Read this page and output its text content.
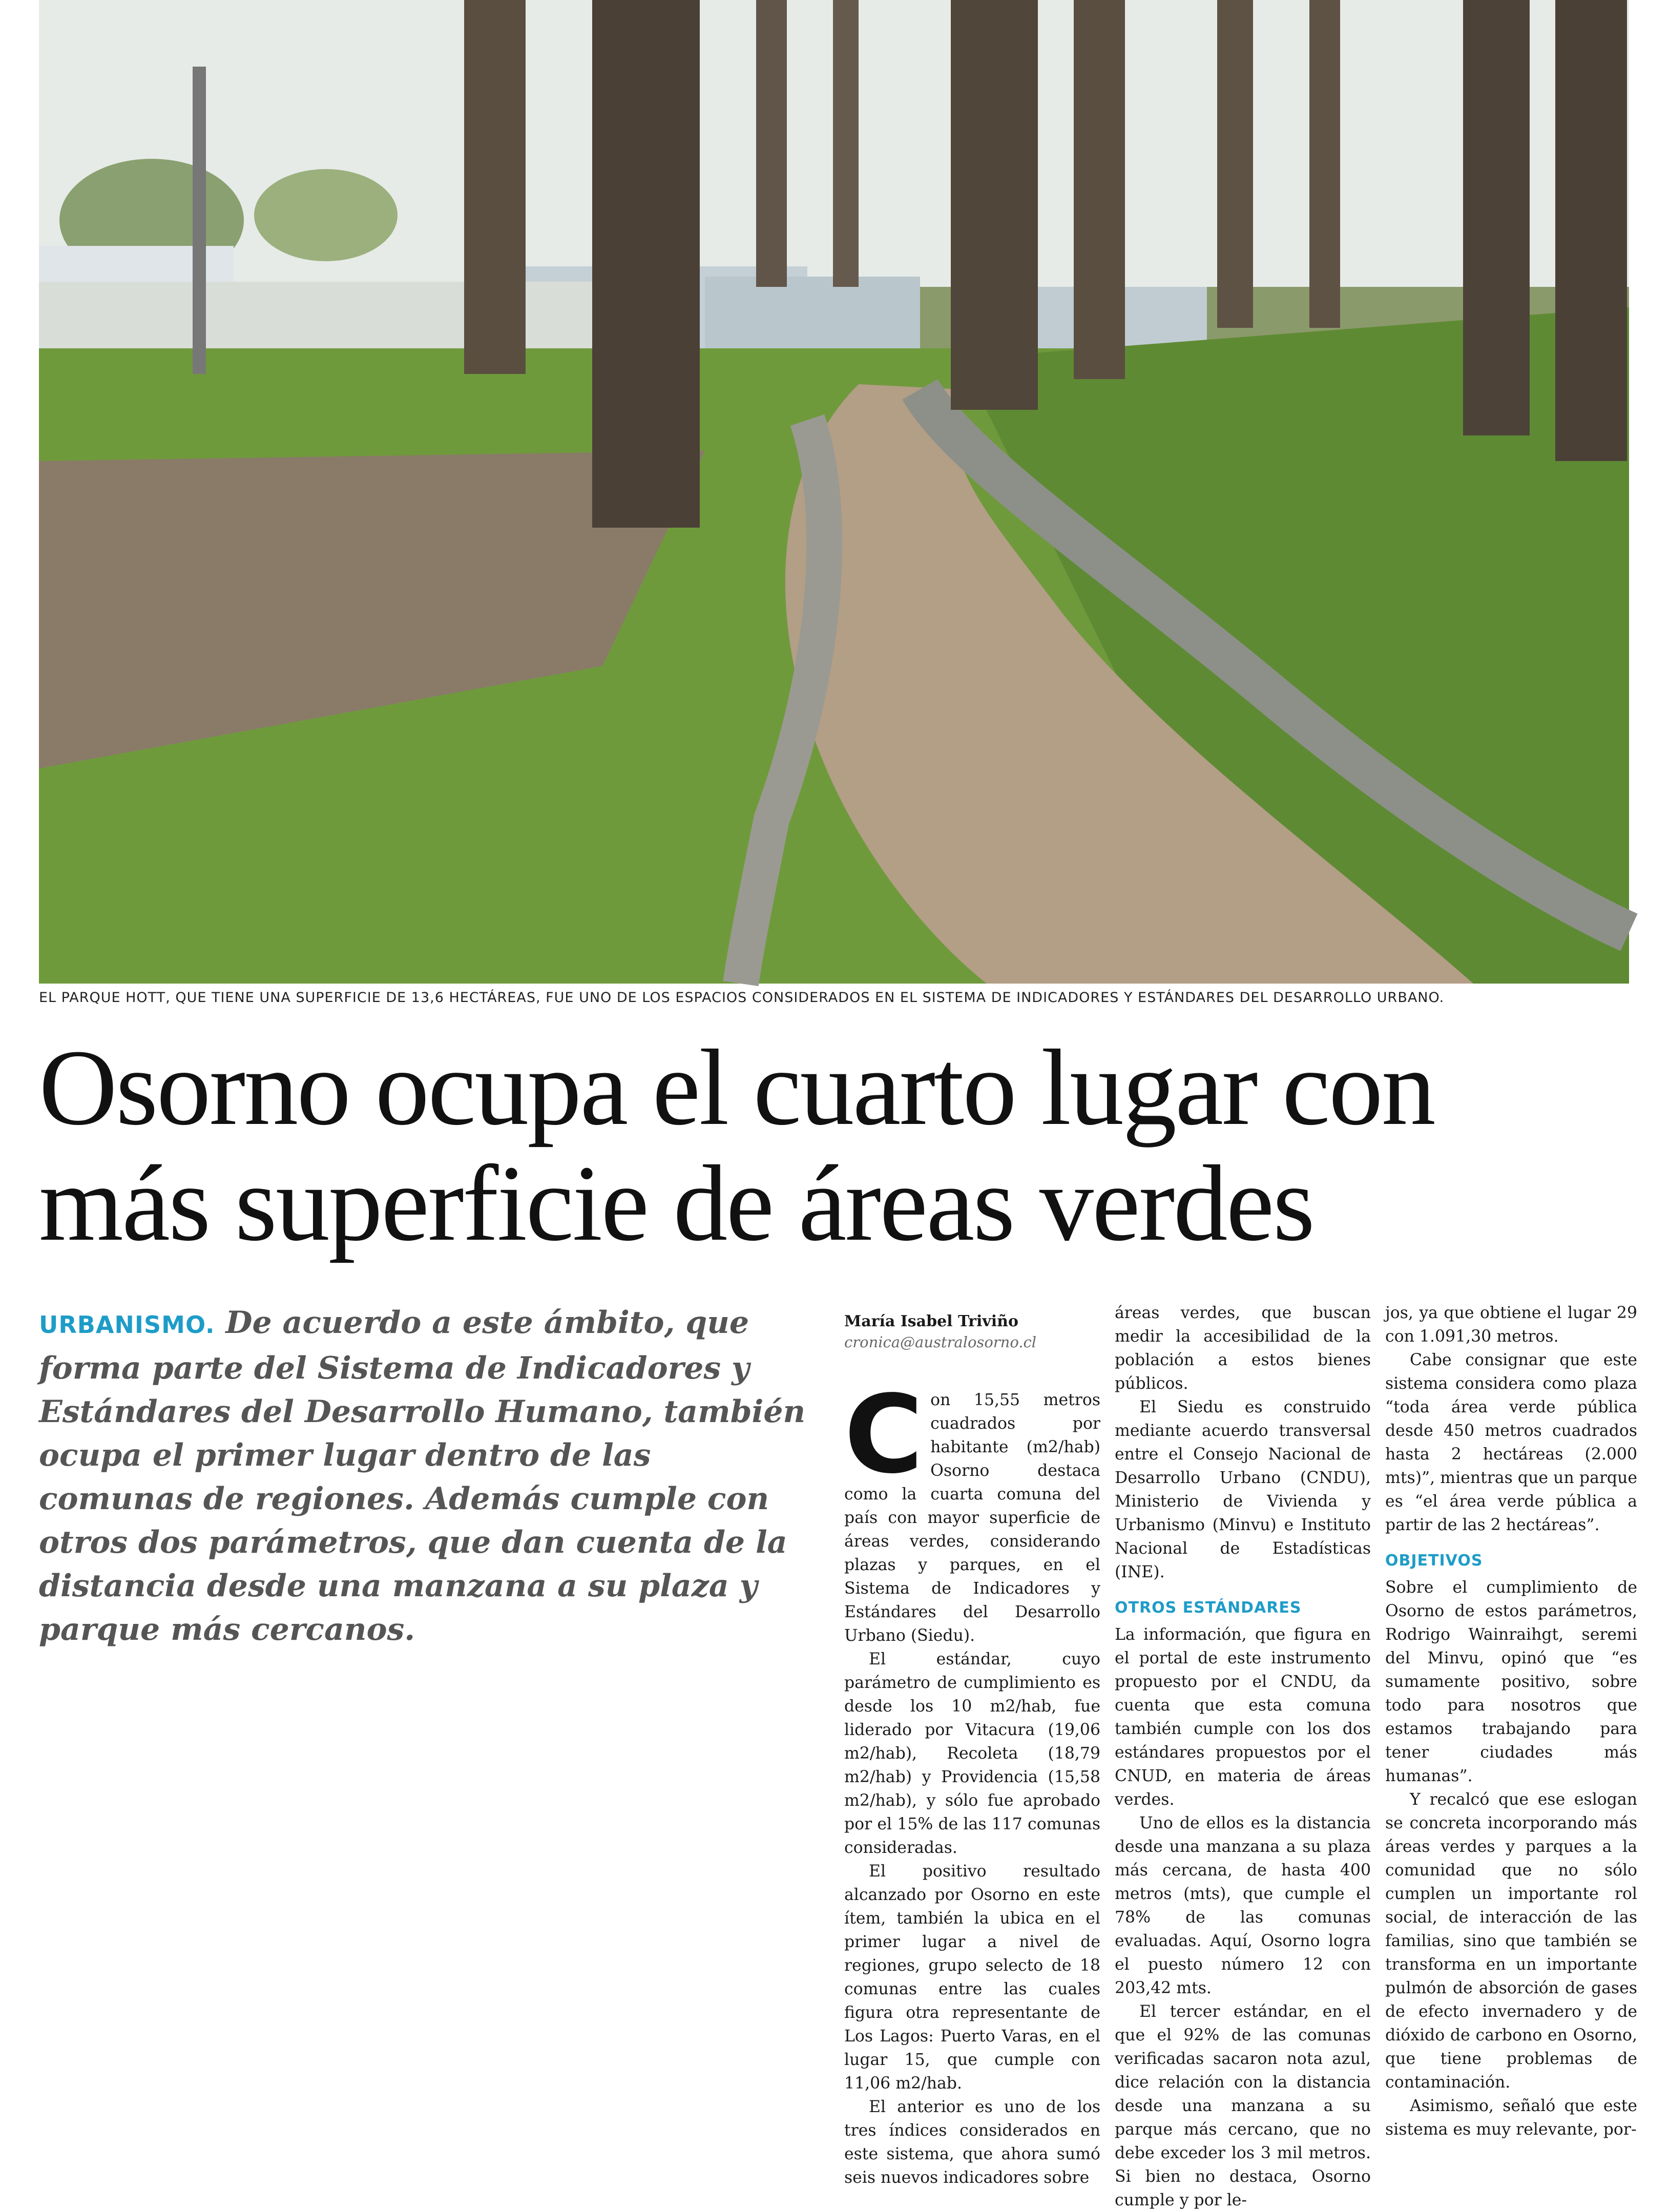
EL PARQUE HOTT, QUE TIENE UNA SUPERFICIE DE 13,6 HECTÁREAS, FUE UNO DE LOS ESPACIOS CONSIDERADOS EN EL SISTEMA DE INDICADORES Y ESTÁNDARES DEL DESARROLLO URBANO.
Osorno ocupa el cuarto lugar con
más superficie de áreas verdes
URBANISMO. De acuerdo a este ámbito, que forma parte del Sistema de Indicadores y Estándares del Desarrollo Humano, también ocupa el primer lugar dentro de las comunas de regiones. Además cumple con otros dos parámetros, que dan cuenta de la distancia desde una manzana a su plaza y parque más cercanos.
María Isabel Triviño
cronica@australosorno.cl

Con 15,55 metros cuadrados por habitante (m2/hab) Osorno destaca como la cuarta comuna del país con mayor superficie de áreas verdes, considerando plazas y parques, en el Sistema de Indicadores y Estándares del Desarrollo Urbano (Siedu).

El estándar, cuyo parámetro de cumplimiento es desde los 10 m2/hab, fue liderado por Vitacura (19,06 m2/hab), Recoleta (18,79 m2/hab) y Providencia (15,58 m2/hab), y sólo fue aprobado por el 15% de las 117 comunas consideradas.

El positivo resultado alcanzado por Osorno en este ítem, también la ubica en el primer lugar a nivel de regiones, grupo selecto de 18 comunas entre las cuales figura otra representante de Los Lagos: Puerto Varas, en el lugar 15, que cumple con 11,06 m2/hab.

El anterior es uno de los tres índices considerados en este sistema, que ahora sumó seis nuevos indicadores sobre

áreas verdes, que buscan medir la accesibilidad de la población a estos bienes públicos.

El Siedu es construido mediante acuerdo transversal entre el Consejo Nacional de Desarrollo Urbano (CNDU), Ministerio de Vivienda y Urbanismo (Minvu) e Instituto Nacional de Estadísticas (INE).

OTROS ESTÁNDARES

La información, que figura en el portal de este instrumento propuesto por el CNDU, da cuenta que esta comuna también cumple con los dos estándares propuestos por el CNUD, en materia de áreas verdes.

Uno de ellos es la distancia desde una manzana a su plaza más cercana, de hasta 400 metros (mts), que cumple el 78% de las comunas evaluadas. Aquí, Osorno logra el puesto número 12 con 203,42 mts.

El tercer estándar, en el que el 92% de las comunas verificadas sacaron nota azul, dice relación con la distancia desde una manzana a su parque más cercano, que no debe exceder los 3 mil metros. Si bien no destaca, Osorno cumple y por le-

jos, ya que obtiene el lugar 29 con 1.091,30 metros.

Cabe consignar que este sistema considera como plaza “toda área verde pública desde 450 metros cuadrados hasta 2 hectáreas (2.000 mts)”, mientras que un parque es “el área verde pública a partir de las 2 hectáreas”.

OBJETIVOS

Sobre el cumplimiento de Osorno de estos parámetros, Rodrigo Wainraihgt, seremi del Minvu, opinó que “es sumamente positivo, sobre todo para nosotros que estamos trabajando para tener ciudades más humanas”.

Y recalcó que ese eslogan se concreta incorporando más áreas verdes y parques a la comunidad que no sólo cumplen un importante rol social, de interacción de las familias, sino que también se transforma en un importante pulmón de absorción de gases de efecto invernadero y de dióxido de carbono en Osorno, que tiene problemas de contaminación.

Asimismo, señaló que este sistema es muy relevante, por-
